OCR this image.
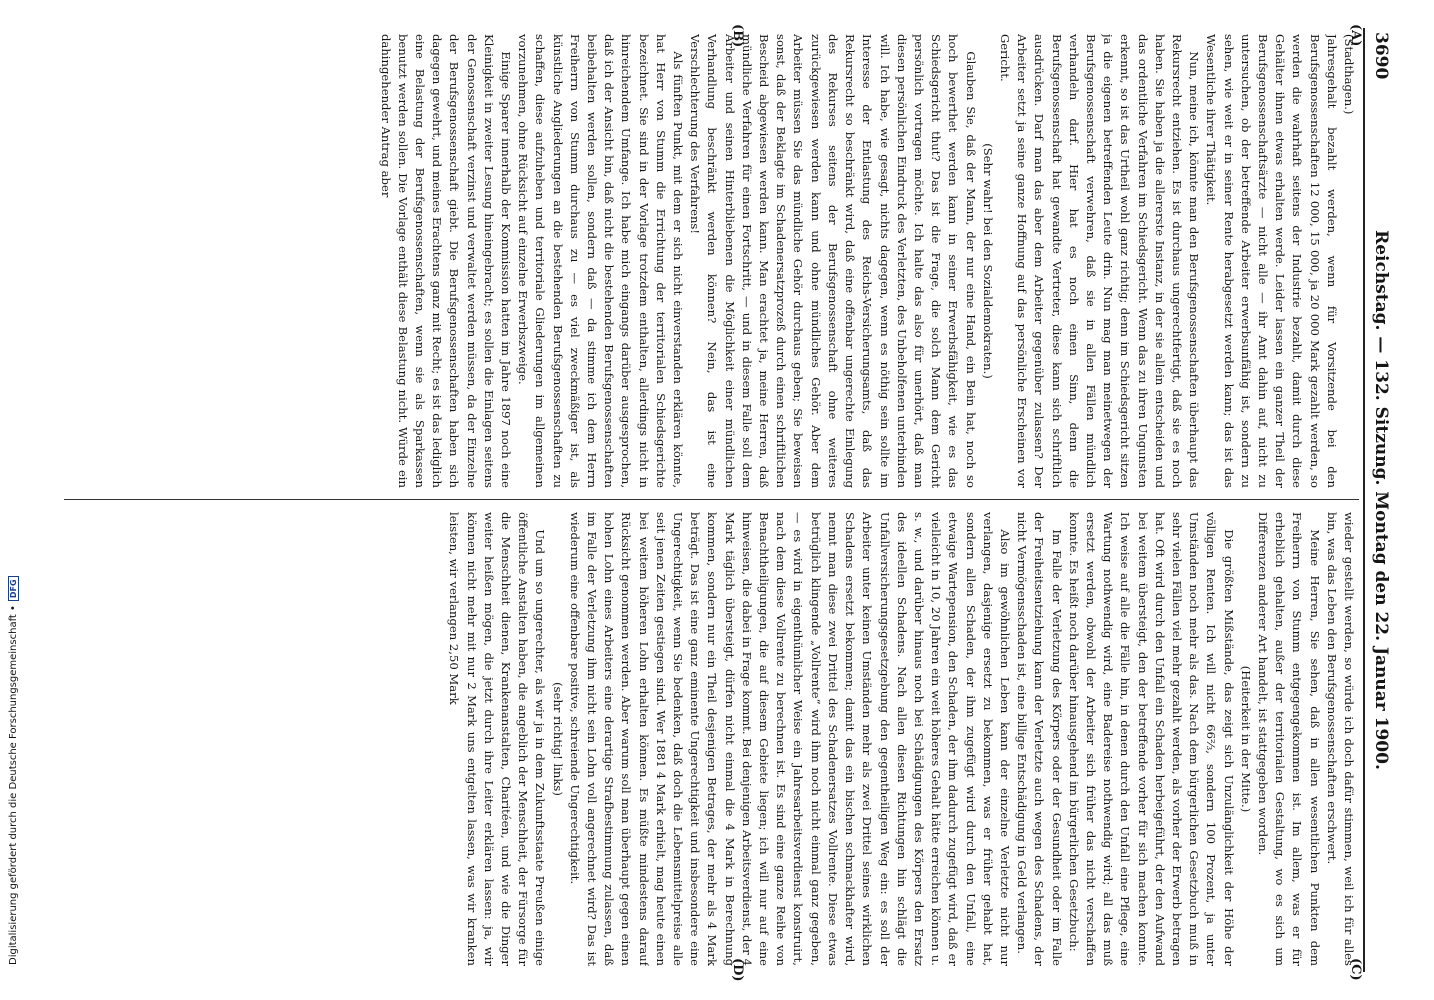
3690
Reichstag. — 132. Sitzung. Montag den 22. Januar 1900.
(A)
(B)
(C)
(D)

(Stadthagen.)

Jahresgehalt bezahlt werden, wenn für Vorsitzende bei den Berufsgenossenschaften 12 000, 15 000, ja 20 000 Mark gezahlt werden, so werden die wahrhaft seitens der Industrie bezahlt, damit durch diese Gehälter ihnen etwas erhalten werde. Leider lassen ein ganzer Theil der Berufsgenossenschaftsärzte — nicht alle — ihr Amt dahin auf, nicht zu untersuchen, ob der betreffende Arbeiter erwerbsunfähig ist, sondern zu sehen, wie weit er in seiner Rente herabgesetzt werden kann; das ist das Wesentliche ihrer Thätigkeit.

Nun, meine ich, könnte man den Berufsgenossenschaften überhaupt das Rekursrecht entziehen. Es ist durchaus ungerechtfertigt, daß sie es noch haben. Sie haben ja die allererste Instanz, in der sie allein entscheiden und das ordentliche Verfahren im Schiedsgericht. Wenn das zu ihren Ungunsten erkennt, so ist das Urtheil wohl ganz richtig; denn im Schiedsgericht sitzen ja die eigenen betreffenden Leute drin. Nun mag man meinetwegen der Berufsgenossenschaft verwehren, daß sie in allen Fällen mündlich verhandeln darf. Hier hat es noch einen Sinn, denn die Berufsgenossenschaft hat gewandte Vertreter, diese kann sich schriftlich ausdrücken. Darf man das aber dem Arbeiter gegenüber zulassen? Der Arbeiter setzt ja seine ganze Hoffnung auf das persönliche Erscheinen vor Gericht.

(Sehr wahr! bei den Sozialdemokraten.)

Glauben Sie, daß der Mann, der nur eine Hand, ein Bein hat, noch so hoch bewerthet werden kann in seiner Erwerbsfähigkeit, wie es das Schiedsgericht thut? Das ist die Frage, die solch Mann dem Gericht persönlich vortragen möchte. Ich halte das also für unerhört, daß man diesen persönlichen Eindruck des Verletzten, des Unbeholfenen unterbinden will. Ich habe, wie gesagt, nichts dagegen, wenn es nöthig sein sollte im Interesse der Entlastung des Reichs-Versicherungsamts, daß das Rekursrecht so beschränkt wird, daß eine offenbar ungerechte Einlegung des Rekurses seitens der Berufsgenossenschaft ohne weiteres zurückgewiesen werden kann und ohne mündliches Gehör. Aber dem Arbeiter müssen Sie das mündliche Gehör durchaus geben; Sie beweisen sonst, daß der Beklagte im Schadenersatzprozeß durch einen schriftlichen Bescheid abgewiesen werden kann. Man erachtet ja, meine Herren, daß mündliche Verfahren für einen Fortschritt, — und in diesem Falle soll dem Arbeiter und seinen Hinterbliebenen die Möglichkeit einer mündlichen Verhandlung beschränkt werden können? Nein, das ist eine Verschlechterung des Verfahrens!

Als fünften Punkt, mit dem er sich nicht einverstanden erklären könnte, hat Herr von Stumm die Errichtung der territorialen Schiedsgerichte bezeichnet. Sie sind in der Vorlage trotzdem enthalten, allerdings nicht in hinreichendem Umfange. Ich habe mich eingangs darüber ausgesprochen, daß ich der Ansicht bin, daß nicht die bestehenden Berufsgenossenschaften beibehalten werden sollen, sondern daß — da stimme ich dem Herrn Freiherrn von Stumm durchaus zu — es viel zweckmäßiger ist, als künstliche Angliederungen an die bestehenden Berufsgenossenschaften zu schaffen, diese aufzuheben und territoriale Gliederungen im allgemeinen vorzunehmen, ohne Rücksicht auf einzelne Erwerbszweige.

Einige Sparer innerhalb der Kommission hatten im Jahre 1897 noch eine Kleinigkeit in zweiter Lesung hineingebracht; es sollen die Einlagen seitens der Genossenschaft verzinst und verwaltet werden müssen, da der Einzelne der Berufsgenossenschaft giebt. Die Berufsgenossenschaften haben sich dagegen gewehrt, und meines Erachtens ganz mit Recht; es ist das lediglich eine Belastung der Berufsgenossenschaften, wenn sie als Sparkassen benutzt werden sollen. Die Vorlage enthält diese Belastung nicht. Würde ein dahingehender Antrag aber

wieder gestellt werden, so würde ich doch dafür stimmen, weil ich für alles bin, was das Leben den Berufsgenossenschaften erschwert.

Meine Herren, Sie sehen, daß in allen wesentlichen Punkten dem Freiherrn von Stumm entgegengekommen ist. Im allem, was er für erheblich gehalten, außer der territorialen Gestaltung, wo es sich um Differenzen anderer Art handelt, ist stattgegeben worden.

(Heiterkeit in der Mitte.)

Die größten Mißstände, das zeigt sich Unzulänglichkeit der Höhe der völligen Renten. Ich will nicht 66⅔, sondern 100 Prozent, ja unter Umständen noch mehr als das. Nach dem bürgerlichen Gesetzbuch muß in sehr vielen Fällen viel mehr gezahlt werden, als vorher der Erwerb betragen hat. Oft wird durch den Unfall ein Schaden herbeigeführt, der den Aufwand bei weitem übersteigt, den der betreffende vorher für sich machen konnte. Ich weise auf alle die Fälle hin, in denen durch den Unfall eine Pflege, eine Wartung nothwendig wird, eine Badereise nothwendig wird; all das muß ersetzt werden, obwohl der Arbeiter sich früher das nicht verschaffen konnte. Es heißt noch darüber hinausgehend im bürgerlichen Gesetzbuch:

Im Falle der Verletzung des Körpers oder der Gesundheit oder im Falle der Freiheitsentziehung kann der Verletzte auch wegen des Schadens, der nicht Vermögensschaden ist, eine billige Entschädigung in Geld verlangen.

Also im gewöhnlichen Leben kann der einzelne Verletzte nicht nur verlangen, dasjenige ersetzt zu bekommen, was er früher gehabt hat, sondern allen Schaden, der ihm zugefügt wird durch den Unfall, eine etwaige Wartepension, den Schaden, der ihm dadurch zugefügt wird, daß er vielleicht in 10, 20 Jahren ein weit höheres Gehalt hätte erreichen können u. s. w., und darüber hinaus noch bei Schädigungen des Körpers den Ersatz des ideellen Schadens. Nach allen diesen Richtungen hin schlägt die Unfallversicherungsgesetzgebung den gegentheiligen Weg ein: es soll der Arbeiter unter keinen Umständen mehr als zwei Drittel seines wirklichen Schadens ersetzt bekommen; damit das ein bischen schmackhafter wird, nennt man diese zwei Drittel des Schadenersatzes Vollrente. Diese etwas betrüglich klingende „Vollrente“ wird ihm noch nicht einmal ganz gegeben, — es wird in eigenthümlicher Weise ein Jahresarbeitsverdienst konstruirt, nach dem diese Vollrente zu berechnen ist. Es sind eine ganze Reihe von Benachtheiligungen, die auf diesem Gebiete liegen; ich will nur auf eine hinweisen, die dabei in Frage kommt. Bei denjenigen Arbeitsverdienst, der 4 Mark täglich übersteigt, dürfen nicht einmal die 4 Mark in Berechnung kommen, sondern nur ein Theil desjenigen Betrages, der mehr als 4 Mark beträgt. Das ist eine ganz eminente Ungerechtigkeit und insbesondere eine Ungerechtigkeit, wenn Sie bedenken, daß doch die Lebensmittelpreise alle seit jenen Zeiten gestiegen sind. Wer 1881 4 Mark erhielt, mag heute einen bei weitem höheren Lohn erhalten können. Es müßte mindestens darauf Rücksicht genommen werden. Aber warum soll man überhaupt gegen einen hohen Lohn eines Arbeiters eine derartige Strafbestimmung zulassen, daß im Falle der Verletzung ihm nicht sein Lohn voll angerechnet wird? Das ist wiederum eine offenbare positive, schreiende Ungerechtigkeit.

(sehr richtig! links)

Und um so ungerechter, als wir ja in dem Zukunftsstaate Preußen einige öffentliche Anstalten haben, die angeblich der Menschheit, der Fürsorge für die Menschheit dienen, Krankenanstalten, Charitéen, und wie die Dinger weiter heißen mögen, die jetzt durch ihre Leiter erklären lassen: ja, wir können nicht mehr mit nur 2 Mark uns entgelten lassen, was wir kranken leisten, wir verlangen 2,50 Mark

Digitalisierung gefördert durch die Deutsche Forschungsgemeinschaft •DFG
